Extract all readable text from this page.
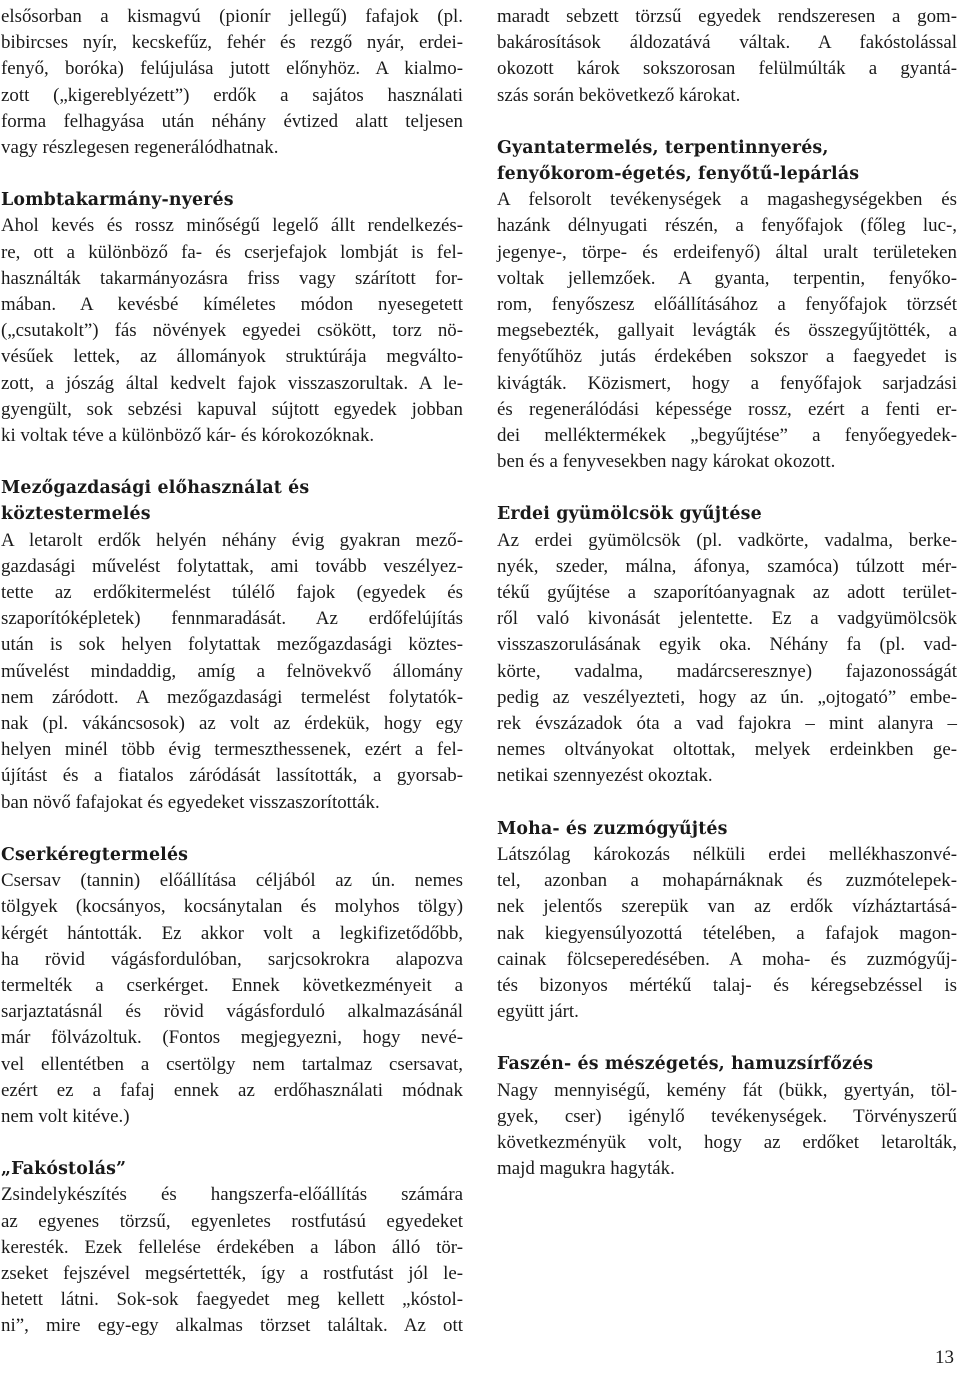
elsősorban a kismagvú (pionír jellegű) fafajok (pl.
bibircses nyír, kecskefűz, fehér és rezgő nyár, erdei-
fenyő, boróka) felújulása jutott előnyhöz. A kialmo-
zott („kigereblyézett”) erdők a sajátos használati
forma felhagyása után néhány évtized alatt teljesen
vagy részlegesen regenerálódhatnak.
Lombtakarmány-nyerés
Ahol kevés és rossz minőségű legelő állt rendelkezés-
re, ott a különböző fa- és cserjefajok lombját is fel-
használták takarmányozásra friss vagy szárított for-
mában. A kevésbé kíméletes módon nyesegetett
(„csutakolt”) fás növények egyedei csökött, torz nö-
vésűek lettek, az állományok struktúrája megválto-
zott, a jószág által kedvelt fajok visszaszorultak. A le-
gyengült, sok sebzési kapuval sújtott egyedek jobban
ki voltak téve a különböző kár- és kórokozóknak.
Mezőgazdasági előhasználat és köztestermelés
A letarolt erdők helyén néhány évig gyakran mező-
gazdasági művelést folytattak, ami tovább veszélyez-
tette az erdőkitermelést túlélő fajok (egyedek és
szaporítóképletek) fennmaradását. Az erdőfelújítás
után is sok helyen folytattak mezőgazdasági köztes-
művelést mindaddig, amíg a felnövekvő állomány
nem záródott. A mezőgazdasági termelést folytatók-
nak (pl. vákáncsosok) az volt az érdekük, hogy egy
helyen minél több évig termeszthessenek, ezért a fel-
újítást és a fiatalos záródását lassították, a gyorsab-
ban növő fafajokat és egyedeket visszaszorították.
Cserkéregtermelés
Csersav (tannin) előállítása céljából az ún. nemes
tölgyek (kocsányos, kocsánytalan és molyhos tölgy)
kérgét hántották. Ez akkor volt a legkifizetődőbb,
ha rövid vágásfordulóban, sarjcsokrokra alapozva
termelték a cserkérget. Ennek következményeit a
sarjaztatásnál és rövid vágásforduló alkalmazásánál
már fölvázoltuk. (Fontos megjegyezni, hogy nevé-
vel ellentétben a csertölgy nem tartalmaz csersavat,
ezért ez a fafaj ennek az erdőhasználati módnak
nem volt kitéve.)
„Fakóstolás”
Zsindelykészítés és hangszerfa-előállítás számára
az egyenes törzsű, egyenletes rostfutású egyedeket
keresték. Ezek fellelése érdekében a lábon álló tör-
zseket fejszével megsértették, így a rostfutást jól le-
hetett látni. Sok-sok faegyedet meg kellett „kóstol-
ni”, mire egy-egy alkalmas törzset találtak. Az ott
maradt sebzett törzsű egyedek rendszeresen a gom-
bakárosítások áldozatává váltak. A fakóstolással
okozott károk sokszorosan felülmúlták a gyantá-
szás során bekövetkező károkat.
Gyantatermelés, terpentinnyerés,
fenyőkorom-égetés, fenyőtű-lepárlás
A felsorolt tevékenységek a magashegységekben és
hazánk délnyugati részén, a fenyőfajok (főleg luc-,
jegenye-, törpe- és erdeifenyő) által uralt területeken
voltak jellemzőek. A gyanta, terpentin, fenyőko-
rom, fenyőszesz előállításához a fenyőfajok törzsét
megsebezték, gallyait levágták és összegyűjtötték, a
fenyőtűhöz jutás érdekében sokszor a faegyedet is
kivágták. Közismert, hogy a fenyőfajok sarjadzási
és regenerálódási képessége rossz, ezért a fenti er-
dei melléktermékek „begyűjtése” a fenyőegyedek-
ben és a fenyvesekben nagy károkat okozott.
Erdei gyümölcsök gyűjtése
Az erdei gyümölcsök (pl. vadkörte, vadalma, berke-
nyék, szeder, málna, áfonya, szamóca) túlzott mér-
tékű gyűjtése a szaporítóanyagnak az adott terület-
ről való kivonását jelentette. Ez a vadgyümölcsök
visszaszorulásának egyik oka. Néhány fa (pl. vad-
körte, vadalma, madárcseresznye) fajazonosságát
pedig az veszélyezteti, hogy az ún. „ojtogató” embe-
rek évszázadok óta a vad fajokra – mint alanyra –
nemes oltványokat oltottak, melyek erdeinkben ge-
netikai szennyezést okoztak.
Moha- és zuzmógyűjtés
Látszólag károkozás nélküli erdei mellékhaszonvé-
tel, azonban a mohapárnáknak és zuzmótelepek-
nek jelentős szerepük van az erdők vízháztartásá-
nak kiegyensúlyozottá tételében, a fafajok magon-
cainak fölcseperedésében. A moha- és zuzmógyűj-
tés bizonyos mértékű talaj- és kéregsebzéssel is
együtt járt.
Faszén- és mészégetés, hamuzsírfőzés
Nagy mennyiségű, kemény fát (bükk, gyertyán, töl-
gyek, cser) igénylő tevékenységek. Törvényszerű
következményük volt, hogy az erdőket letarolták,
majd magukra hagyták.
13
